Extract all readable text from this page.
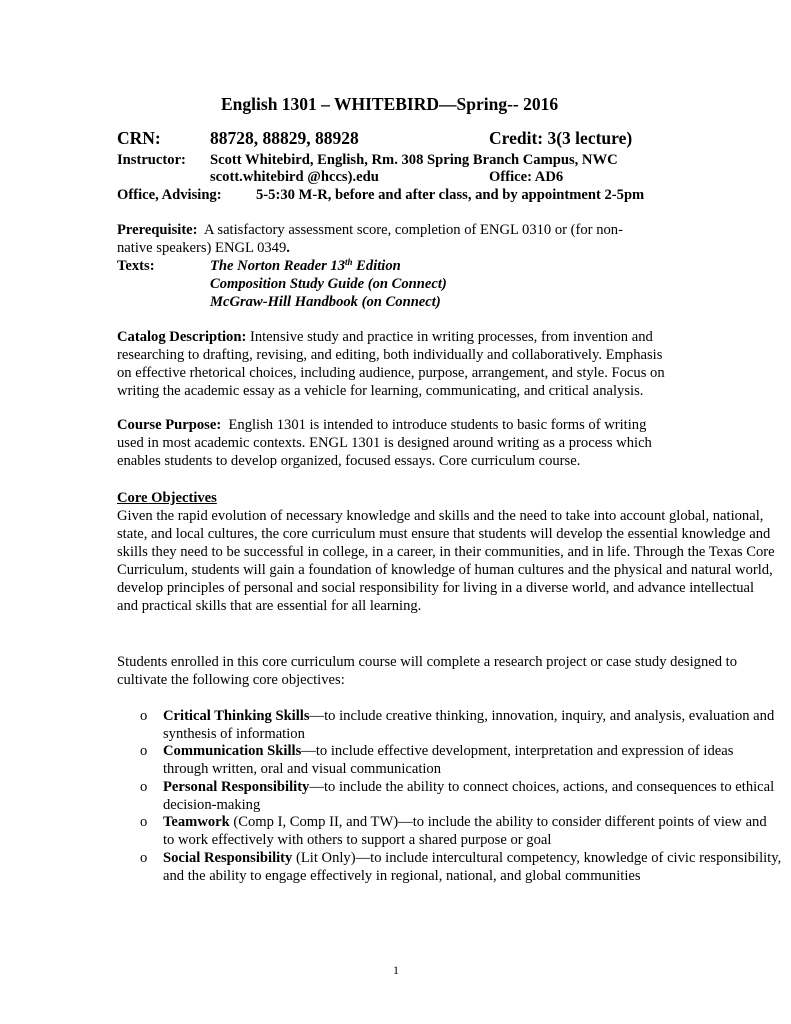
English 1301 – WHITEBIRD—Spring-- 2016
CRN:	88728, 88829, 88928	Credit: 3(3 lecture)
Instructor: Scott Whitebird, English, Rm. 308 Spring Branch Campus, NWC
scott.whitebird @hccs).edu	Office: AD6
Office, Advising: 5-5:30 M-R, before and after class, and by appointment 2-5pm
Prerequisite: A satisfactory assessment score, completion of ENGL 0310 or (for non-
native speakers) ENGL 0349.
Texts:	The Norton Reader 13th Edition
Composition Study Guide (on Connect)
McGraw-Hill Handbook (on Connect)
Catalog Description: Intensive study and practice in writing processes, from invention and researching to drafting, revising, and editing, both individually and collaboratively. Emphasis on effective rhetorical choices, including audience, purpose, arrangement, and style. Focus on writing the academic essay as a vehicle for learning, communicating, and critical analysis.
Course Purpose: English 1301 is intended to introduce students to basic forms of writing used in most academic contexts. ENGL 1301 is designed around writing as a process which enables students to develop organized, focused essays. Core curriculum course.
Core Objectives
Given the rapid evolution of necessary knowledge and skills and the need to take into account global, national, state, and local cultures, the core curriculum must ensure that students will develop the essential knowledge and skills they need to be successful in college, in a career, in their communities, and in life. Through the Texas Core Curriculum, students will gain a foundation of knowledge of human cultures and the physical and natural world, develop principles of personal and social responsibility for living in a diverse world, and advance intellectual and practical skills that are essential for all learning.
Students enrolled in this core curriculum course will complete a research project or case study designed to cultivate the following core objectives:
o Critical Thinking Skills—to include creative thinking, innovation, inquiry, and analysis, evaluation and synthesis of information
o Communication Skills—to include effective development, interpretation and expression of ideas through written, oral and visual communication
o Personal Responsibility—to include the ability to connect choices, actions, and consequences to ethical decision-making
o Teamwork (Comp I, Comp II, and TW)—to include the ability to consider different points of view and to work effectively with others to support a shared purpose or goal
o Social Responsibility (Lit Only)—to include intercultural competency, knowledge of civic responsibility, and the ability to engage effectively in regional, national, and global communities
1
